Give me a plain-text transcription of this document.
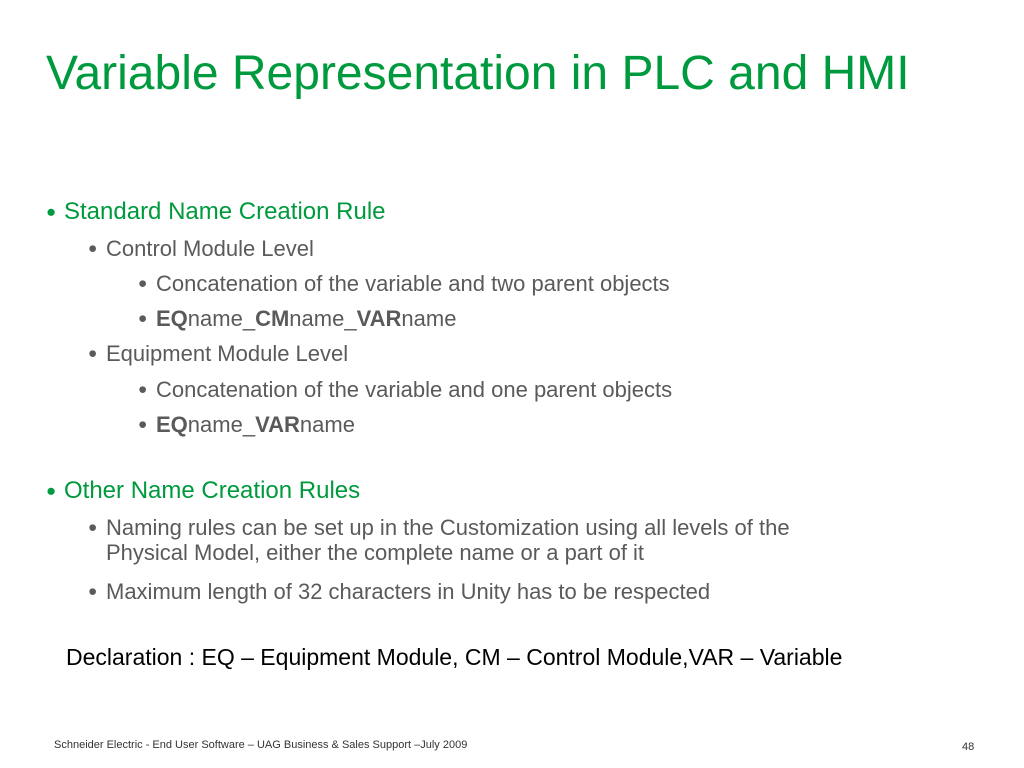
Variable Representation in PLC and HMI
● Standard Name Creation Rule
● Control Module Level
● Concatenation of the variable and two parent objects
● EQname_CMname_VARname
● Equipment Module Level
● Concatenation of the variable and one parent objects
● EQname_VARname
● Other Name Creation Rules
● Naming rules can be set up in the Customization using all levels of the
Physical Model, either the complete name or a part of it
● Maximum length of 32 characters in Unity has to be respected
Declaration : EQ – Equipment Module, CM – Control Module,VAR – Variable
Schneider Electric - End User Software – UAG Business & Sales Support –July 2009	48
